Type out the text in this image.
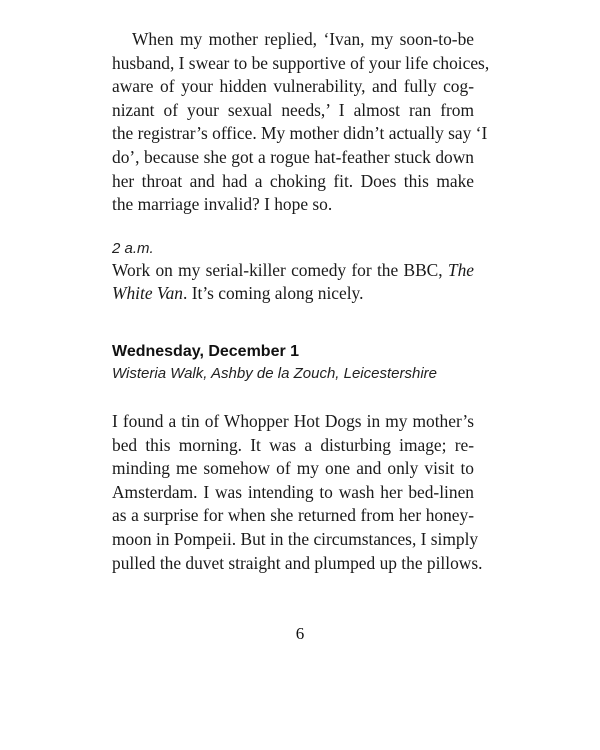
When my mother replied, ‘Ivan, my soon-to-be
husband, I swear to be supportive of your life choices,
aware of your hidden vulnerability, and fully cog-
nizant of your sexual needs,’ I almost ran from
the registrar’s office. My mother didn’t actually say ‘I
do’, because she got a rogue hat-feather stuck down
her throat and had a choking fit. Does this make
the marriage invalid? I hope so.
2 a.m.
Work on my serial-killer comedy for the BBC, The
White Van. It’s coming along nicely.
Wednesday, December 1
Wisteria Walk, Ashby de la Zouch, Leicestershire
I found a tin of Whopper Hot Dogs in my mother’s
bed this morning. It was a disturbing image; re-
minding me somehow of my one and only visit to
Amsterdam. I was intending to wash her bed-linen
as a surprise for when she returned from her honey-
moon in Pompeii. But in the circumstances, I simply
pulled the duvet straight and plumped up the pillows.
6
